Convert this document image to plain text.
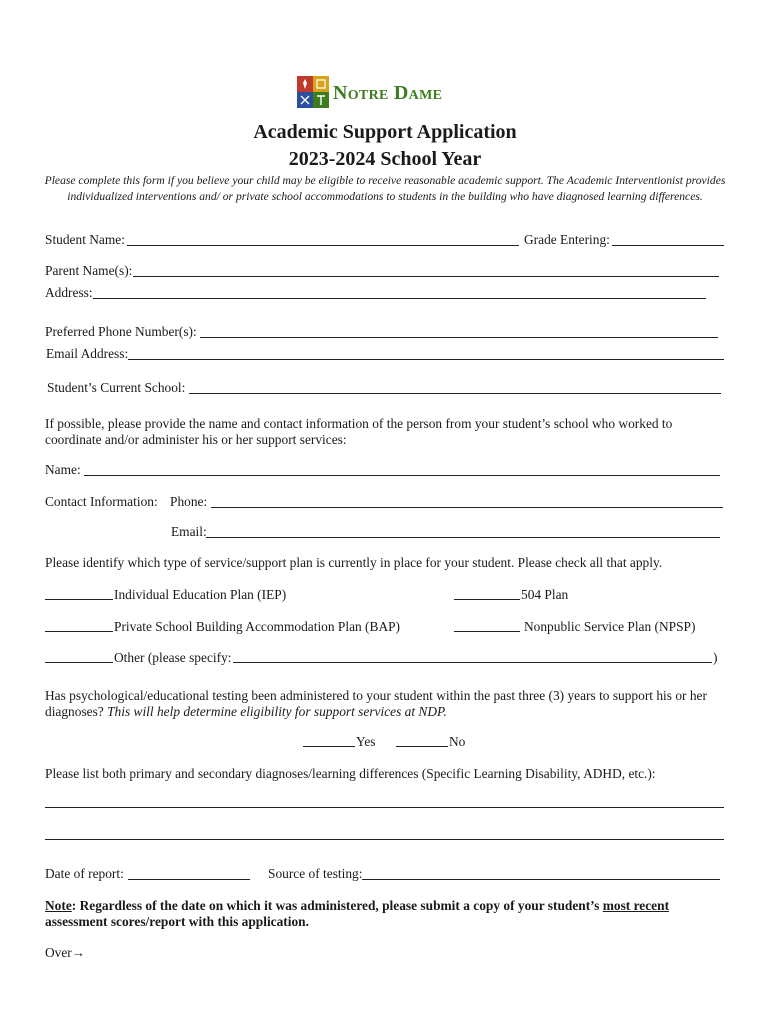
Notre Dame
Academic Support Application
2023-2024 School Year
Please complete this form if you believe your child may be eligible to receive reasonable academic support. The Academic Interventionist provides
individualized interventions and/ or private school accommodations to students in the building who have diagnosed learning differences.
Student Name:	Grade Entering:
Parent Name(s):
Address:
Preferred Phone Number(s):
Email Address:
Student’s Current School:
If possible, please provide the name and contact information of the person from your student’s school who worked to
coordinate and/or administer his or her support services:
Name:
Contact Information: Phone:
Email:
Please identify which type of service/support plan is currently in place for your student. Please check all that apply.
Individual Education Plan (IEP)	504 Plan
Private School Building Accommodation Plan (BAP)	Nonpublic Service Plan (NPSP)
Other (please specify:	)
Has psychological/educational testing been administered to your student within the past three (3) years to support his or her
diagnoses? This will help determine eligibility for support services at NDP.
Yes	No
Please list both primary and secondary diagnoses/learning differences (Specific Learning Disability, ADHD, etc.):
Date of report:	Source of testing:
Note: Regardless of the date on which it was administered, please submit a copy of your student’s most recent
assessment scores/report with this application.
Over→
